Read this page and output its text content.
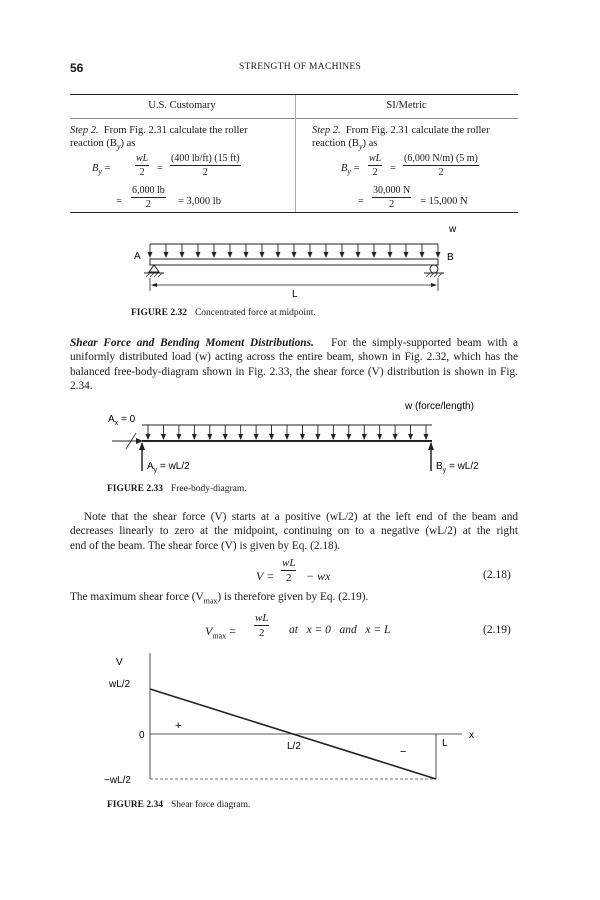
56	STRENGTH OF MACHINES
U.S. Customary	SI/Metric
Step 2. From Fig. 2.31 calculate the roller
reaction $(B_y)$ as
$B_y = \frac{wL}{2} = \frac{(400 lb/ft) (15 ft)}{2}$
= $\frac{6,000 lb}{2} = 3,000$ lb
Step 2. From Fig. 2.31 calculate the roller
reaction $(B_y)$ as
$B_y = \frac{wL}{2} = \frac{(6,000 N/m) (5 m)}{2}$
= $\frac{30,000 N}{2} = 15,000$ N
w
A	B
L
FIGURE 2.32 Concentrated force at midpoint.
Shear Force and Bending Moment Distributions. For the simply-supported beam with a uniformly distributed load (w) acting across the entire beam, shown in Fig. 2.32, which has the balanced free-body-diagram shown in Fig. 2.33, the shear force (V) distribution is shown in Fig. 2.34.
w (force/length)
$A_x = 0$
$A_y = wL/2$	$B_y = wL/2$
FIGURE 2.33 Free-body-diagram.
Note that the shear force (V) starts at a positive (wL/2) at the left end of the beam and
decreases linearly to zero at the midpoint, continuing on to a negative (wL/2) at the right
end of the beam. The shear force (V) is given by Eq. (2.18).
$V = \frac{wL}{2}$ − wx	(2.18)
The maximum shear force $(V_{max})$ is therefore given by Eq. (2.19).
$V_{max} = \frac{wL}{2}$ at   x = 0   and   x = L	(2.19)
V
x
wL/2
0
−wL/2
L/2	L
+
−
FIGURE 2.34 Shear force diagram.
